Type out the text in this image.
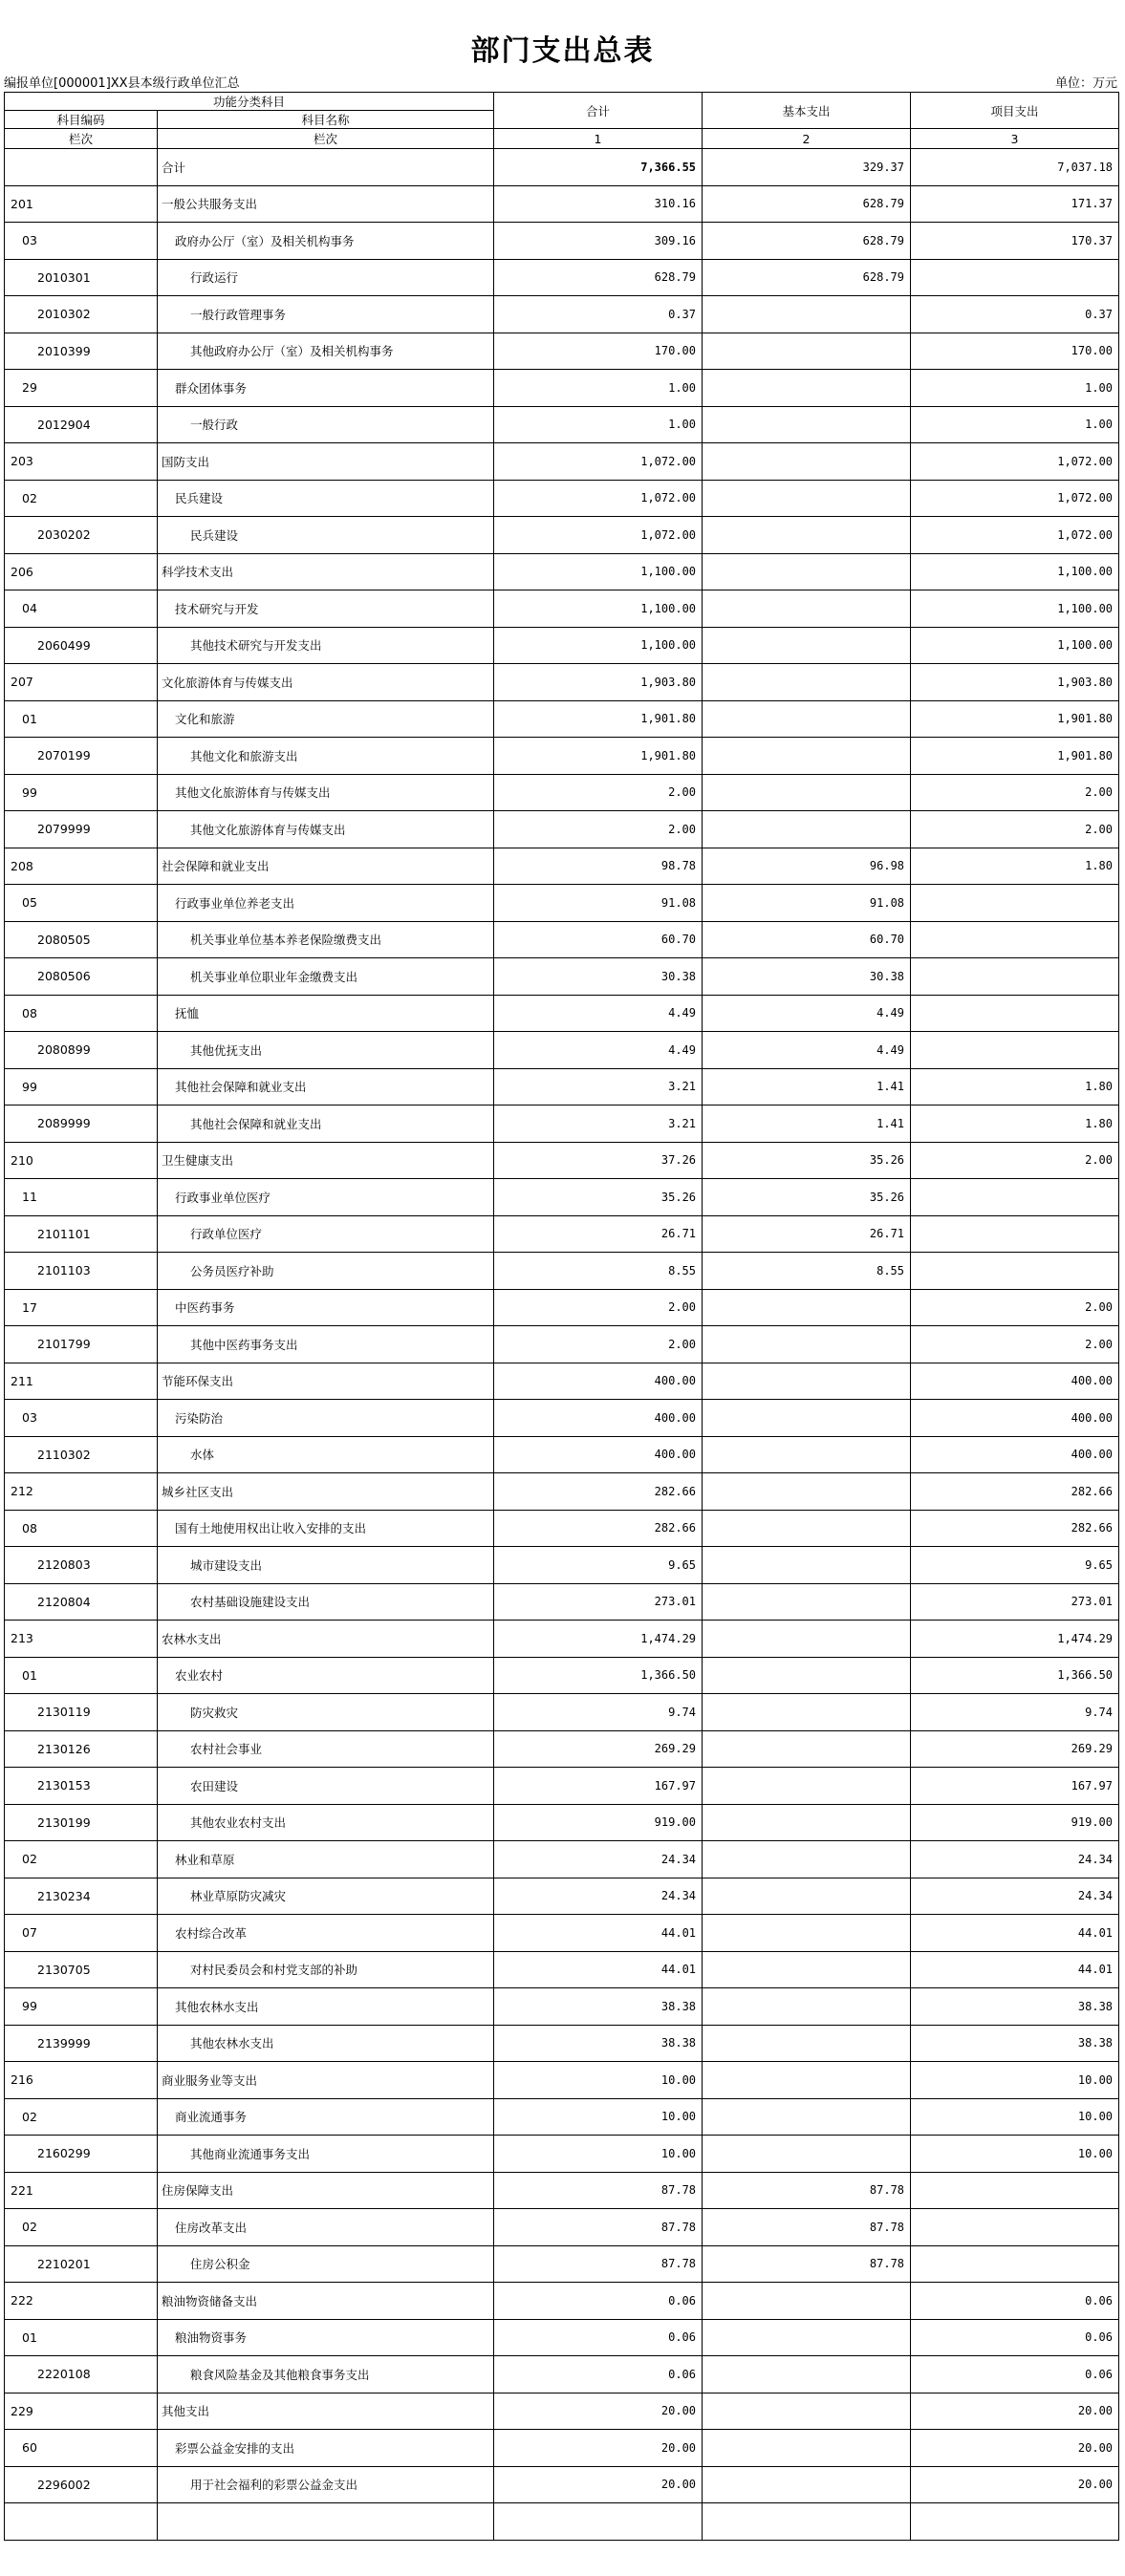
部门支出总表
编报单位[000001]XX县本级行政单位汇总	单位：万元
功能分类科目		合计	基本支出	项目支出
科目编码	科目名称			
栏次	栏次	1	2	3
	合计	7,366.55	329.37	7,037.18
201	一般公共服务支出	310.16	628.79	171.37
03	政府办公厅（室）及相关机构事务	309.16	628.79	170.37
2010301	行政运行	628.79	628.79	
2010302	一般行政管理事务	0.37		0.37
2010399	其他政府办公厅（室）及相关机构事务	170.00		170.00
29	群众团体事务	1.00		1.00
2012904	一般行政	1.00		1.00
203	国防支出	1,072.00		1,072.00
02	民兵建设	1,072.00		1,072.00
2030202	民兵建设	1,072.00		1,072.00
206	科学技术支出	1,100.00		1,100.00
04	技术研究与开发	1,100.00		1,100.00
2060499	其他技术研究与开发支出	1,100.00		1,100.00
207	文化旅游体育与传媒支出	1,903.80		1,903.80
01	文化和旅游	1,901.80		1,901.80
2070199	其他文化和旅游支出	1,901.80		1,901.80
99	其他文化旅游体育与传媒支出	2.00		2.00
2079999	其他文化旅游体育与传媒支出	2.00		2.00
208	社会保障和就业支出	98.78	96.98	1.80
05	行政事业单位养老支出	91.08	91.08	
2080505	机关事业单位基本养老保险缴费支出	60.70	60.70	
2080506	机关事业单位职业年金缴费支出	30.38	30.38	
08	抚恤	4.49	4.49	
2080899	其他优抚支出	4.49	4.49	
99	其他社会保障和就业支出	3.21	1.41	1.80
2089999	其他社会保障和就业支出	3.21	1.41	1.80
210	卫生健康支出	37.26	35.26	2.00
11	行政事业单位医疗	35.26	35.26	
2101101	行政单位医疗	26.71	26.71	
2101103	公务员医疗补助	8.55	8.55	
17	中医药事务	2.00		2.00
2101799	其他中医药事务支出	2.00		2.00
211	节能环保支出	400.00		400.00
03	污染防治	400.00		400.00
2110302	水体	400.00		400.00
212	城乡社区支出	282.66		282.66
08	国有土地使用权出让收入安排的支出	282.66		282.66
2120803	城市建设支出	9.65		9.65
2120804	农村基础设施建设支出	273.01		273.01
213	农林水支出	1,474.29		1,474.29
01	农业农村	1,366.50		1,366.50
2130119	防灾救灾	9.74		9.74
2130126	农村社会事业	269.29		269.29
2130153	农田建设	167.97		167.97
2130199	其他农业农村支出	919.00		919.00
02	林业和草原	24.34		24.34
2130234	林业草原防灾减灾	24.34		24.34
07	农村综合改革	44.01		44.01
2130705	对村民委员会和村党支部的补助	44.01		44.01
99	其他农林水支出	38.38		38.38
2139999	其他农林水支出	38.38		38.38
216	商业服务业等支出	10.00		10.00
02	商业流通事务	10.00		10.00
2160299	其他商业流通事务支出	10.00		10.00
221	住房保障支出	87.78	87.78	
02	住房改革支出	87.78	87.78	
2210201	住房公积金	87.78	87.78	
222	粮油物资储备支出	0.06		0.06
01	粮油物资事务	0.06		0.06
2220108	粮食风险基金及其他粮食事务支出	0.06		0.06
229	其他支出	20.00		20.00
60	彩票公益金安排的支出	20.00		20.00
2296002	用于社会福利的彩票公益金支出	20.00		20.00
